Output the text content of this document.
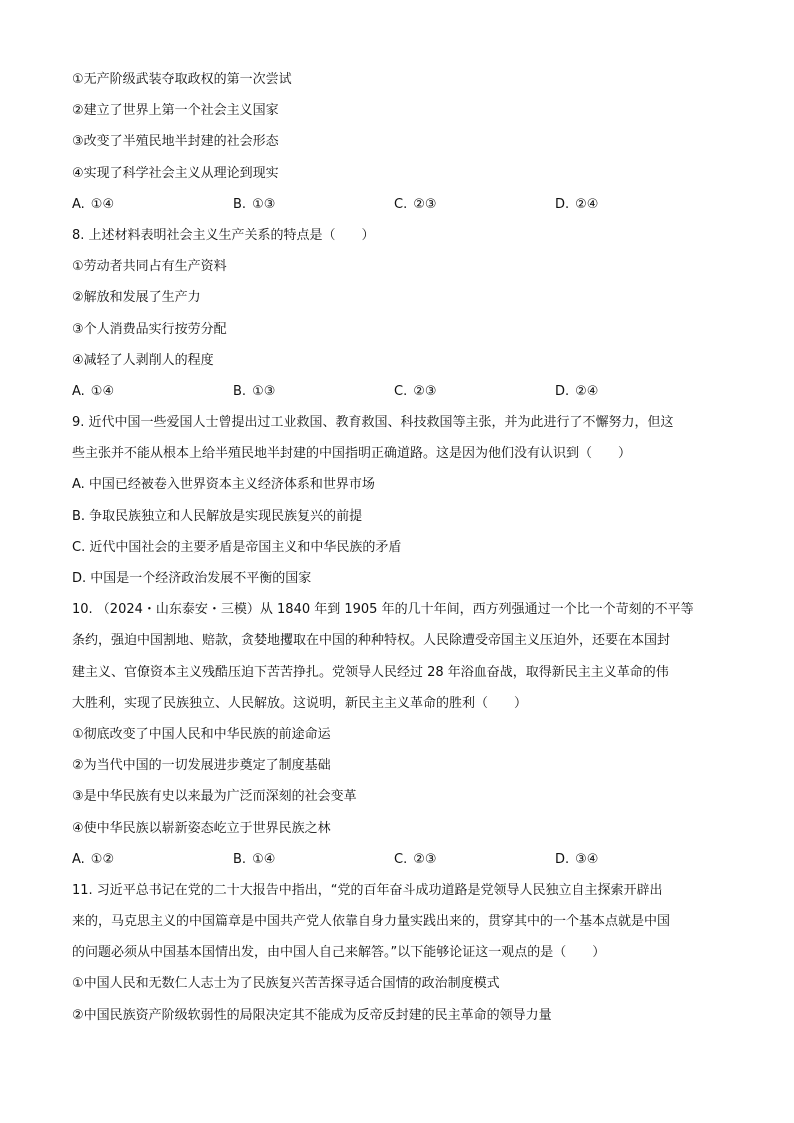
①无产阶级武装夺取政权的第一次尝试
②建立了世界上第一个社会主义国家
③改变了半殖民地半封建的社会形态
④实现了科学社会主义从理论到现实
A. ①④	B. ①③	C. ②③	D. ②④
8. 上述材料表明社会主义生产关系的特点是（　　）
①劳动者共同占有生产资料
②解放和发展了生产力
③个人消费品实行按劳分配
④减轻了人剥削人的程度
A. ①④	B. ①③	C. ②③	D. ②④
9. 近代中国一些爱国人士曾提出过工业救国、教育救国、科技救国等主张，并为此进行了不懈努力，但这
些主张并不能从根本上给半殖民地半封建的中国指明正确道路。这是因为他们没有认识到（　　）
A. 中国已经被卷入世界资本主义经济体系和世界市场
B. 争取民族独立和人民解放是实现民族复兴的前提
C. 近代中国社会的主要矛盾是帝国主义和中华民族的矛盾
D. 中国是一个经济政治发展不平衡的国家
10. （2024・山东泰安・三模）从 1840 年到 1905 年的几十年间，西方列强通过一个比一个苛刻的不平等
条约，强迫中国割地、赔款，贪婪地攫取在中国的种种特权。人民除遭受帝国主义压迫外，还要在本国封
建主义、官僚资本主义残酷压迫下苦苦挣扎。党领导人民经过 28 年浴血奋战，取得新民主主义革命的伟
大胜利，实现了民族独立、人民解放。这说明，新民主主义革命的胜利（　　）
①彻底改变了中国人民和中华民族的前途命运
②为当代中国的一切发展进步奠定了制度基础
③是中华民族有史以来最为广泛而深刻的社会变革
④使中华民族以崭新姿态屹立于世界民族之林
A. ①②	B. ①④	C. ②③	D. ③④
11. 习近平总书记在党的二十大报告中指出，“党的百年奋斗成功道路是党领导人民独立自主探索开辟出
来的，马克思主义的中国篇章是中国共产党人依靠自身力量实践出来的，贯穿其中的一个基本点就是中国
的问题必须从中国基本国情出发，由中国人自己来解答。”以下能够论证这一观点的是（　　）
①中国人民和无数仁人志士为了民族复兴苦苦探寻适合国情的政治制度模式
②中国民族资产阶级软弱性的局限决定其不能成为反帝反封建的民主革命的领导力量
